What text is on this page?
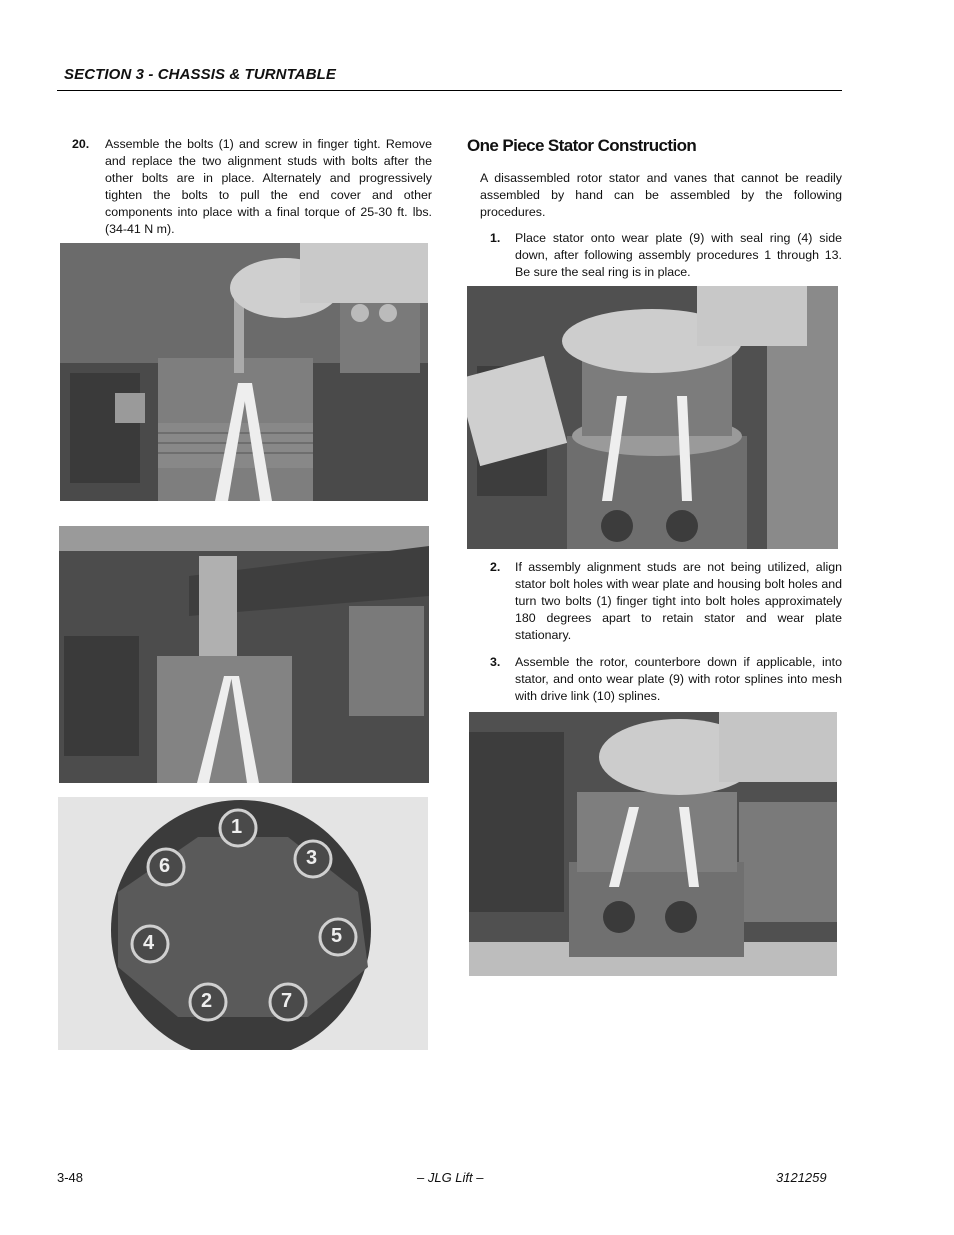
SECTION 3 - CHASSIS & TURNTABLE
20. Assemble the bolts (1) and screw in finger tight. Remove and replace the two alignment studs with bolts after the other bolts are in place. Alternately and progressively tighten the bolts to pull the end cover and other components into place with a final torque of 25-30 ft. lbs. (34-41 N m).
1
3
5
7
2
4
6
One Piece Stator Construction
A disassembled rotor stator and vanes that cannot be readily assembled by hand can be assembled by the following procedures.
1. Place stator onto wear plate (9) with seal ring (4) side down, after following assembly procedures 1 through 13. Be sure the seal ring is in place.
2. If assembly alignment studs are not being utilized, align stator bolt holes with wear plate and housing bolt holes and turn two bolts (1) finger tight into bolt holes approximately 180 degrees apart to retain stator and wear plate stationary.
3. Assemble the rotor, counterbore down if applicable, into stator, and onto wear plate (9) with rotor splines into mesh with drive link (10) splines.
3-48	– JLG Lift –	3121259
